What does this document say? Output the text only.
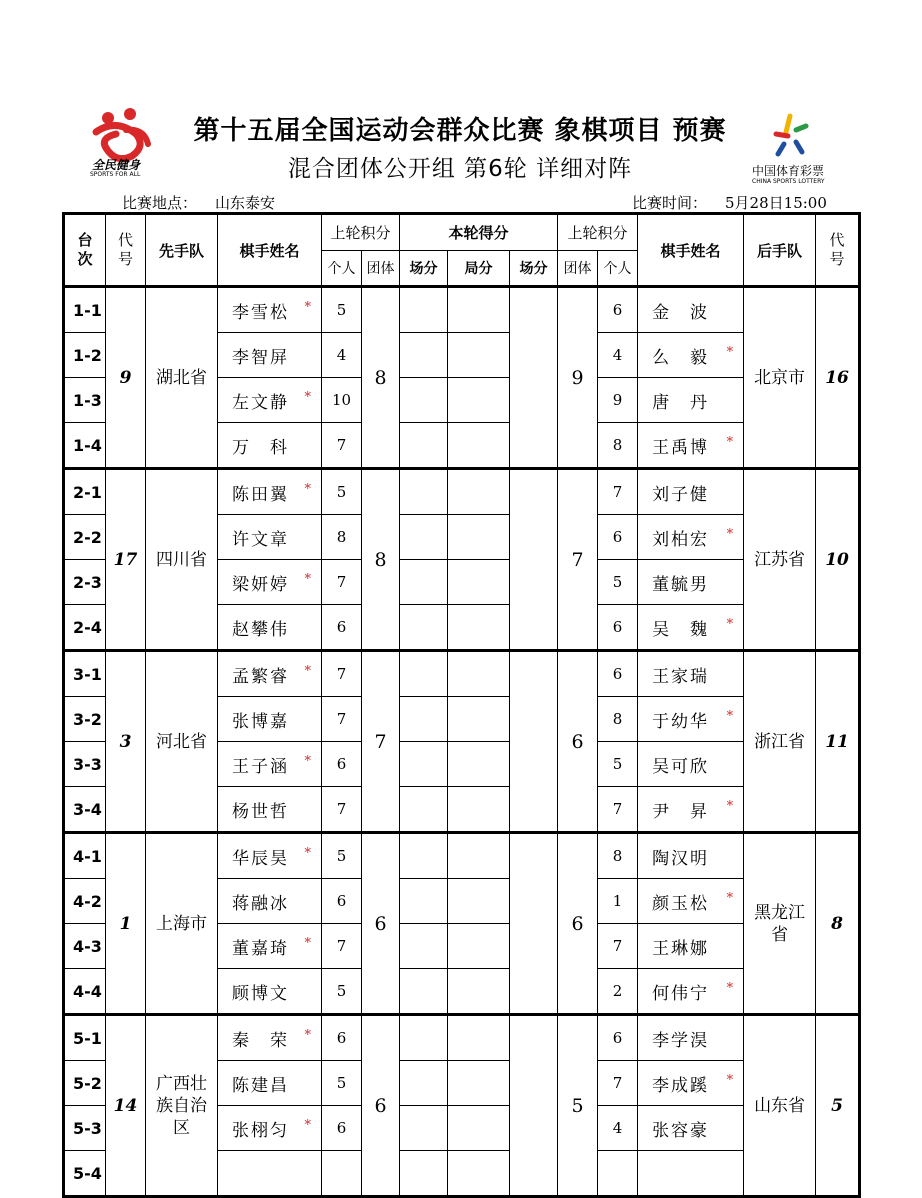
全民健身
SPORTS FOR ALL
第十五届全国运动会群众比赛 象棋项目 预赛
混合团体公开组 第6轮 详细对阵	中国体育彩票
CHINA SPORTS LOTTERY
比赛地点： 山东泰安	比赛时间： 5月28日15:00
台次	代号	先手队	棋手姓名	上轮积分		本轮得分			上轮积分		棋手姓名	后手队	代号
				个人	团体	场分	局分	场分	团体	个人			
1-1	9	湖北省	李雪松 *	5	8				9	6	金　波	北京市	16
1-2			李智屏	4						4	么　毅 *		

1-3			左文静 *	10						9	唐　丹		

1-4			万　科	7						8	王禹博 *		

2-1	17	四川省	陈田翼 *	5	8				7	7	刘子健	江苏省	10
2-2			许文章	8						6	刘柏宏 *		

2-3			梁妍婷 *	7						5	董毓男		

2-4			赵攀伟	6						6	吴　魏 *		

3-1	3	河北省	孟繁睿 *	7	7				6	6	王家瑞	浙江省	11
3-2			张博嘉	7						8	于幼华 *		

3-3			王子涵 *	6						5	吴可欣		

3-4			杨世哲	7						7	尹　昇 *		

4-1	1	上海市	华辰昊 *	5	6				6	8	陶汉明	黑龙江省	8
4-2			蒋融冰	6						1	颜玉松 *		

4-3			董嘉琦 *	7						7	王琳娜		

4-4			顾博文	5						2	何伟宁 *		

5-1	14	广西壮族自治区	秦　荣 *	6	6				5	6	李学淏	山东省	5
5-2			陈建昌	5						7	李成蹊 *		

5-3			张栩匀 *	6						4	张容豪		

5-4								
